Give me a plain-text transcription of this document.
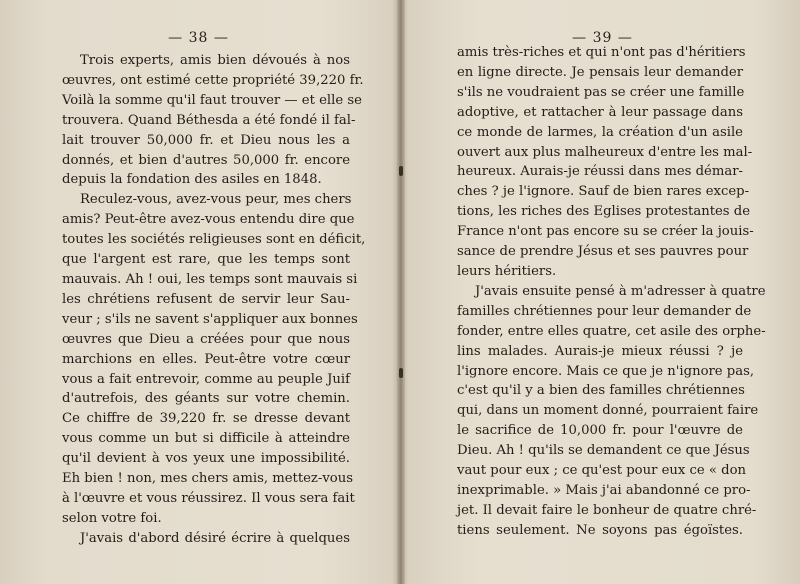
— 38 —
Trois experts, amis bien dévoués à nos
œuvres, ont estimé cette propriété 39,220 fr.
Voilà la somme qu'il faut trouver — et elle se
trouvera. Quand Béthesda a été fondé il fal-
lait trouver 50,000 fr. et Dieu nous les a
donnés, et bien d'autres 50,000 fr. encore
depuis la fondation des asiles en 1848.
Reculez-vous, avez-vous peur, mes chers
amis? Peut-être avez-vous entendu dire que
toutes les sociétés religieuses sont en déficit,
que l'argent est rare, que les temps sont
mauvais. Ah ! oui, les temps sont mauvais si
les chrétiens refusent de servir leur Sau-
veur ; s'ils ne savent s'appliquer aux bonnes
œuvres que Dieu a créées pour que nous
marchions en elles. Peut-être votre cœur
vous a fait entrevoir, comme au peuple Juif
d'autrefois, des géants sur votre chemin.
Ce chiffre de 39,220 fr. se dresse devant
vous comme un but si difficile à atteindre
qu'il devient à vos yeux une impossibilité.
Eh bien ! non, mes chers amis, mettez-vous
à l'œuvre et vous réussirez. Il vous sera fait
selon votre foi.
J'avais d'abord désiré écrire à quelques
— 39 —
amis très-riches et qui n'ont pas d'héritiers
en ligne directe. Je pensais leur demander
s'ils ne voudraient pas se créer une famille
adoptive, et rattacher à leur passage dans
ce monde de larmes, la création d'un asile
ouvert aux plus malheureux d'entre les mal-
heureux. Aurais-je réussi dans mes démar-
ches ? je l'ignore. Sauf de bien rares excep-
tions, les riches des Eglises protestantes de
France n'ont pas encore su se créer la jouis-
sance de prendre Jésus et ses pauvres pour
leurs héritiers.
J'avais ensuite pensé à m'adresser à quatre
familles chrétiennes pour leur demander de
fonder, entre elles quatre, cet asile des orphe-
lins malades. Aurais-je mieux réussi ? je
l'ignore encore. Mais ce que je n'ignore pas,
c'est qu'il y a bien des familles chrétiennes
qui, dans un moment donné, pourraient faire
le sacrifice de 10,000 fr. pour l'œuvre de
Dieu. Ah ! qu'ils se demandent ce que Jésus
vaut pour eux ; ce qu'est pour eux ce « don
inexprimable. » Mais j'ai abandonné ce pro-
jet. Il devait faire le bonheur de quatre chré-
tiens seulement. Ne soyons pas égoïstes.
